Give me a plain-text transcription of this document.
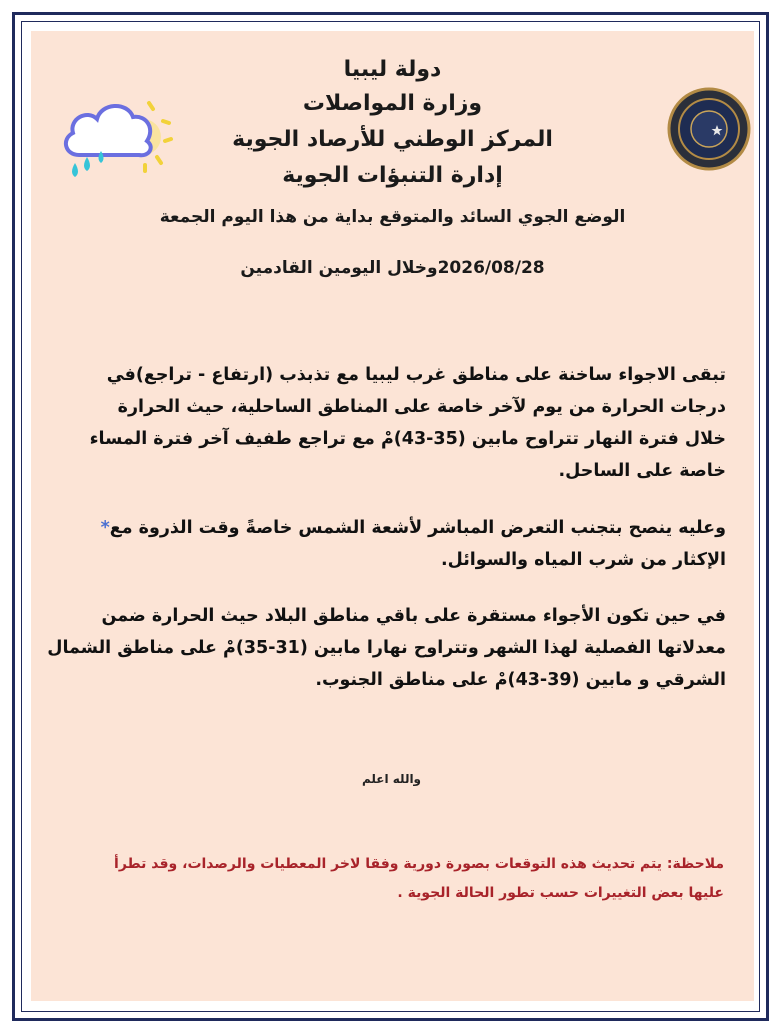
دولة ليبيا
وزارة المواصلات
المركز الوطني للأرصاد الجوية
إدارة التنبؤات الجوية
الوضع الجوي السائد والمتوقع بداية من هذا اليوم الجمعة
2026/08/28وخلال اليومين القادمين
تبقى الاجواء ساخنة على مناطق غرب ليبيا مع تذبذب (ارتفاع - تراجع)في
درجات الحرارة من يوم لآخر خاصة على المناطق الساحلية، حيث الحرارة
خلال فترة النهار تتراوح مابين (35-43)مْ مع تراجع طفيف آخر فترة المساء
خاصة على الساحل.
وعليه ينصح بتجنب التعرض المباشر لأشعة الشمس خاصةً وقت الذروة مع*
الإكثار من شرب المياه والسوائل.
في حين تكون الأجواء مستقرة على باقي مناطق البلاد حيث الحرارة ضمن
معدلاتها الفصلية لهذا الشهر وتتراوح نهارا مابين (31-35)مْ على مناطق الشمال
الشرقي و مابين (39-43)مْ على مناطق الجنوب.
والله اعلم
ملاحظة: يتم تحديث هذه التوقعات بصورة دورية وفقا لاخر المعطيات والرصدات، وقد تطرأ
عليها بعض التغييرات حسب تطور الحالة الجوية .
